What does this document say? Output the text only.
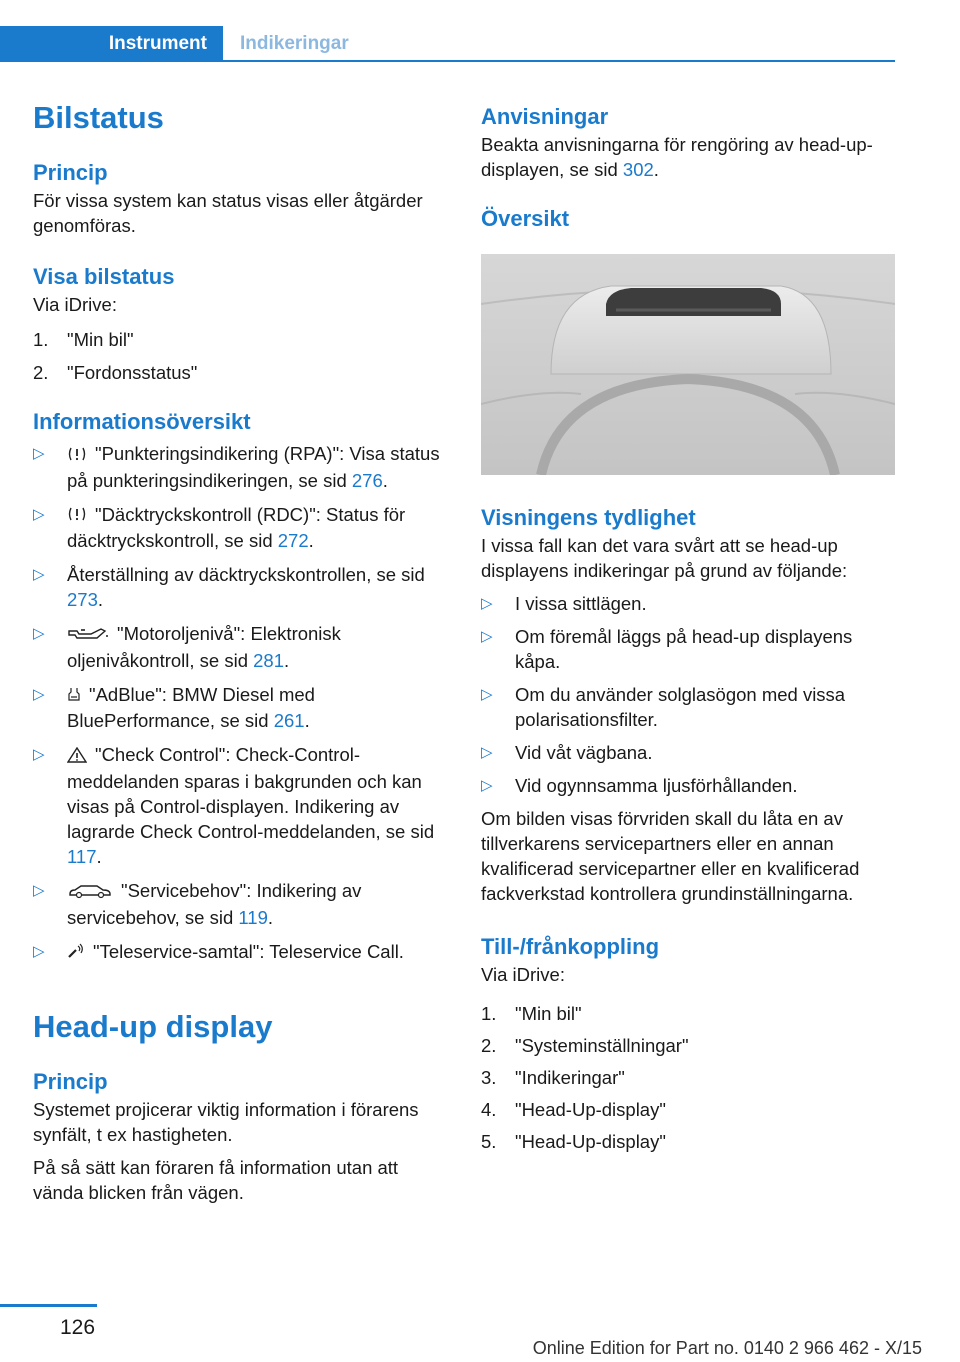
Instrument	Indikeringar
Bilstatus
Princip

För vissa system kan status visas eller åtgärder genomföras.

Visa bilstatus

Via iDrive:

1. "Min bil"
2. "Fordonsstatus"
Informationsöversikt
▷	"Punkteringsindikering (RPA)": Visa status på punkteringsindikeringen, se sid 276.
▷	"Däcktryckskontroll (RDC)": Status för däcktryckskontroll, se sid 272.
▷ Återställning av däcktryckskontrollen, se sid 273.
▷	"Motoroljenivå": Elektronisk oljenivåkontroll, se sid 281.
▷ "AdBlue": BMW Diesel med BluePerformance, se sid 261.
▷	"Check Control": Check-Control-meddelanden sparas i bakgrunden och kan visas på Control-displayen. Indikering av lagrarde Check Control-meddelanden, se sid 117.
▷	"Servicebehov": Indikering av servicebehov, se sid 119.
▷	"Teleservice-samtal": Teleservice Call.
Head-up display
Princip

Systemet projicerar viktig information i förarens synfält, t ex hastigheten.

På så sätt kan föraren få information utan att vända blicken från vägen.

Anvisningar

Beakta anvisningarna för rengöring av head-up-displayen, se sid 302.

Översikt
Visningens tydlighet

I vissa fall kan det vara svårt att se head-up displayens indikeringar på grund av följande:

▷ I vissa sittlägen.
▷ Om föremål läggs på head-up displayens kåpa.
▷ Om du använder solglasögon med vissa polarisationsfilter.
▷ Vid våt vägbana.
▷ Vid ogynnsamma ljusförhållanden.

Om bilden visas förvriden skall du låta en av tillverkarens servicepartners eller en annan kvalificerad servicepartner eller en kvalificerad fackverkstad kontrollera grundinställningarna.

Till-/frånkoppling

Via iDrive:

1. "Min bil"
2. "Systeminställningar"
3. "Indikeringar"
4. "Head-Up-display"
5. "Head-Up-display"
126
Online Edition for Part no. 0140 2 966 462 - X/15
